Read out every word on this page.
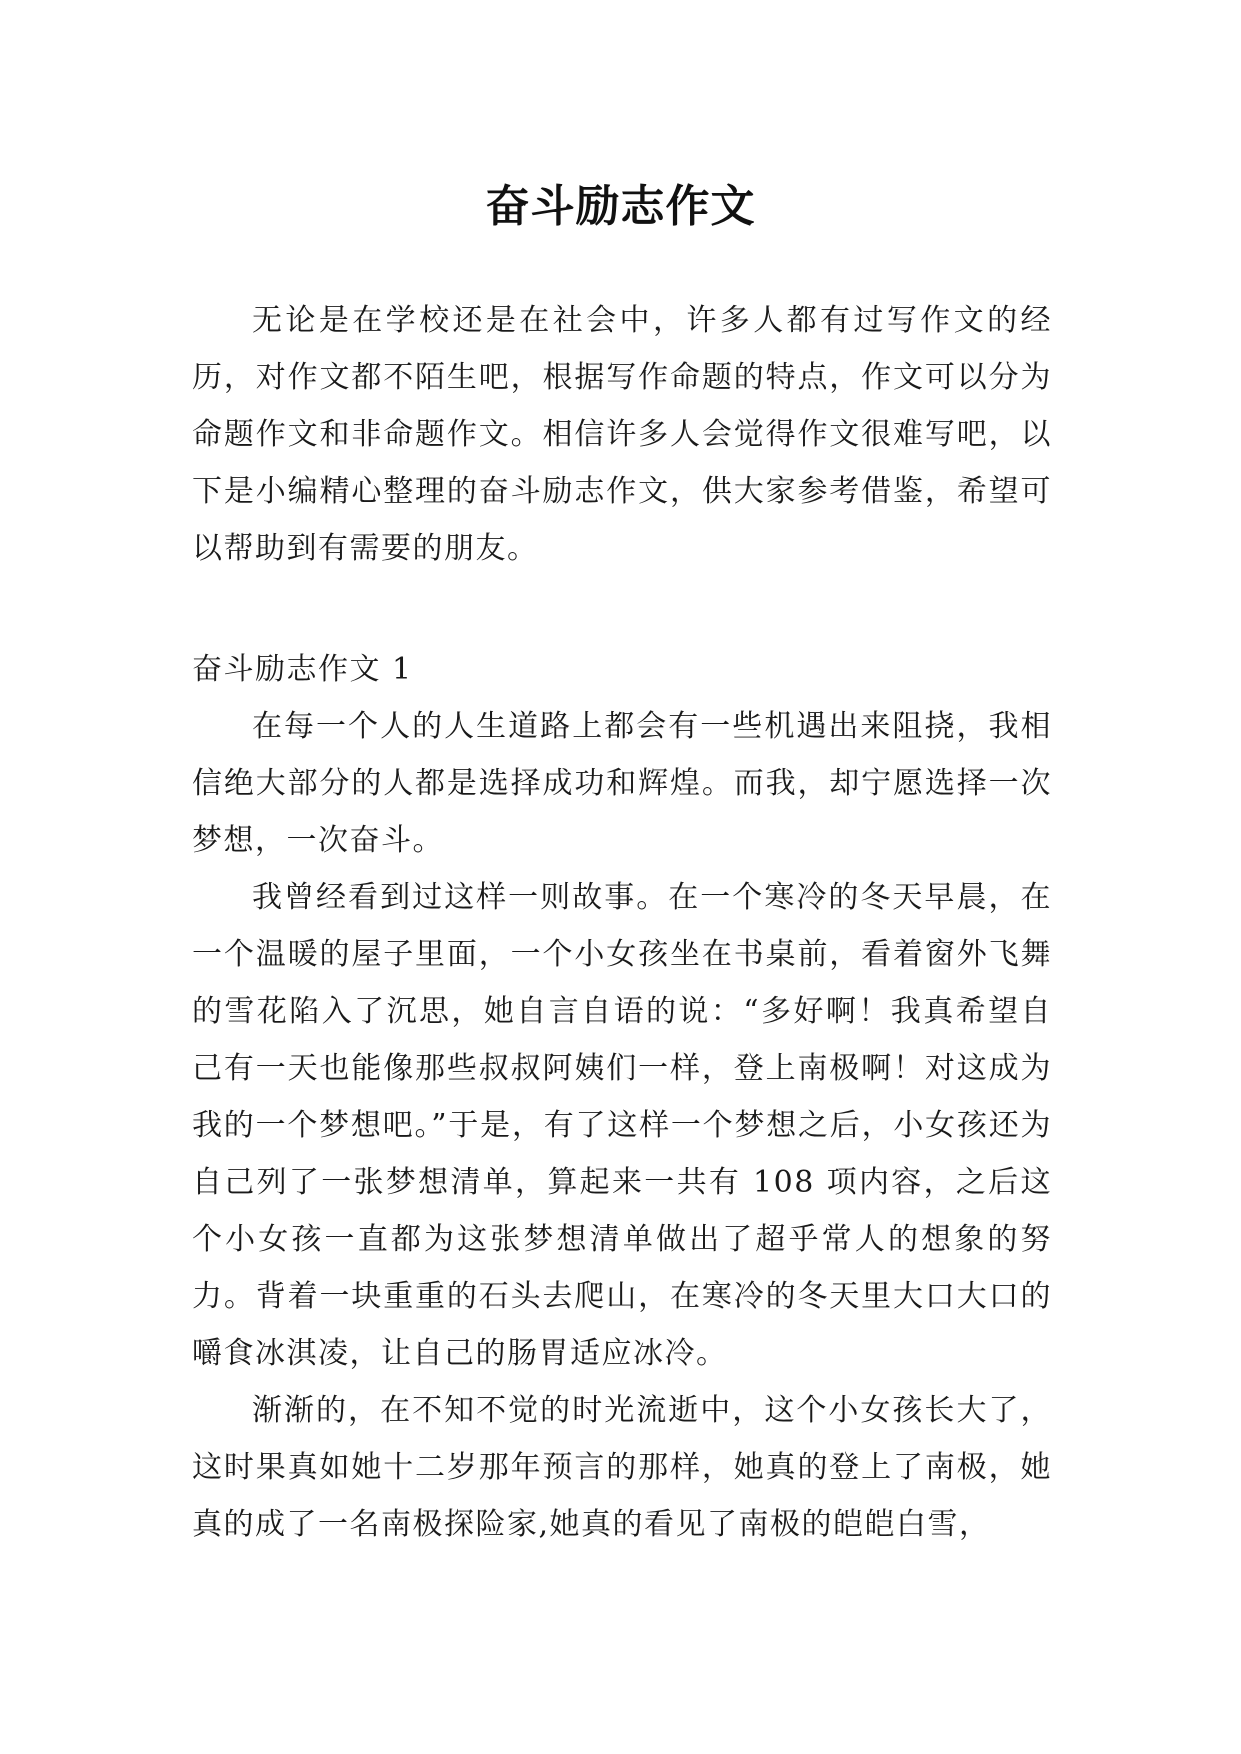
奋斗励志作文

无论是在学校还是在社会中，许多人都有过写作文的经历，对作文都不陌生吧，根据写作命题的特点，作文可以分为命题作文和非命题作文。相信许多人会觉得作文很难写吧，以下是小编精心整理的奋斗励志作文，供大家参考借鉴，希望可以帮助到有需要的朋友。

奋斗励志作文 1

在每一个人的人生道路上都会有一些机遇出来阻挠，我相信绝大部分的人都是选择成功和辉煌。而我，却宁愿选择一次梦想，一次奋斗。

我曾经看到过这样一则故事。在一个寒冷的冬天早晨，在一个温暖的屋子里面，一个小女孩坐在书桌前，看着窗外飞舞的雪花陷入了沉思，她自言自语的说：“多好啊！我真希望自己有一天也能像那些叔叔阿姨们一样，登上南极啊！对这成为我的一个梦想吧。”于是，有了这样一个梦想之后，小女孩还为自己列了一张梦想清单，算起来一共有 108 项内容，之后这个小女孩一直都为这张梦想清单做出了超乎常人的想象的努力。背着一块重重的石头去爬山，在寒冷的冬天里大口大口的嚼食冰淇凌，让自己的肠胃适应冰冷。

渐渐的，在不知不觉的时光流逝中，这个小女孩长大了，这时果真如她十二岁那年预言的那样，她真的登上了南极，她真的成了一名南极探险家,她真的看见了南极的皑皑白雪，
